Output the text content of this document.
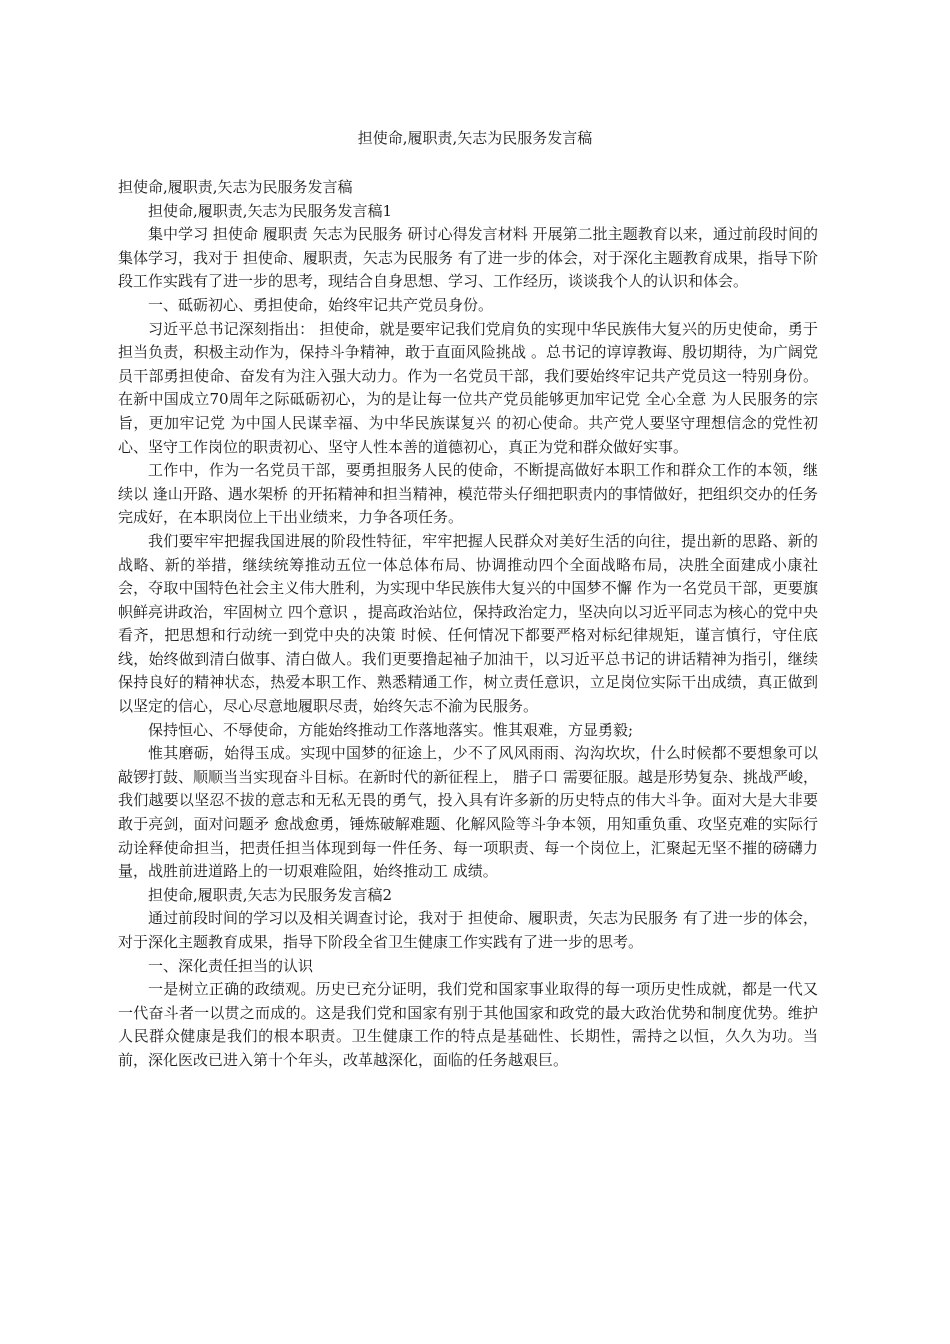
担使命,履职责,矢志为民服务发言稿

担使命,履职责,矢志为民服务发言稿

担使命,履职责,矢志为民服务发言稿1

集中学习 担使命 履职责 矢志为民服务 研讨心得发言材料 开展第二批主题教育以来，通过前段时间的集体学习，我对于 担使命、履职责，矢志为民服务 有了进一步的体会，对于深化主题教育成果，指导下阶段工作实践有了进一步的思考，现结合自身思想、学习、工作经历，谈谈我个人的认识和体会。

一、砥砺初心、勇担使命，始终牢记共产党员身份。

习近平总书记深刻指出： 担使命，就是要牢记我们党肩负的实现中华民族伟大复兴的历史使命，勇于担当负责，积极主动作为，保持斗争精神，敢于直面风险挑战 。总书记的谆谆教诲、殷切期待，为广阔党员干部勇担使命、奋发有为注入强大动力。作为一名党员干部，我们要始终牢记共产党员这一特别身份。在新中国成立70周年之际砥砺初心，为的是让每一位共产党员能够更加牢记党 全心全意 为人民服务的宗旨，更加牢记党 为中国人民谋幸福、为中华民族谋复兴 的初心使命。共产党人要坚守理想信念的党性初心、坚守工作岗位的职责初心、坚守人性本善的道德初心，真正为党和群众做好实事。

工作中，作为一名党员干部，要勇担服务人民的使命，不断提高做好本职工作和群众工作的本领，继续以 逢山开路、遇水架桥 的开拓精神和担当精神，模范带头仔细把职责内的事情做好，把组织交办的任务完成好，在本职岗位上干出业绩来，力争各项任务。

我们要牢牢把握我国进展的阶段性特征，牢牢把握人民群众对美好生活的向往，提出新的思路、新的战略、新的举措，继续统筹推动五位一体总体布局、协调推动四个全面战略布局，决胜全面建成小康社会，夺取中国特色社会主义伟大胜利，为实现中华民族伟大复兴的中国梦不懈 作为一名党员干部，更要旗帜鲜亮讲政治，牢固树立 四个意识 ，提高政治站位，保持政治定力，坚决向以习近平同志为核心的党中央看齐，把思想和行动统一到党中央的决策 时候、任何情况下都要严格对标纪律规矩，谨言慎行，守住底线，始终做到清白做事、清白做人。我们更要撸起袖子加油干，以习近平总书记的讲话精神为指引，继续保持良好的精神状态，热爱本职工作、熟悉精通工作，树立责任意识，立足岗位实际干出成绩，真正做到以坚定的信心，尽心尽意地履职尽责，始终矢志不渝为民服务。

保持恒心、不辱使命，方能始终推动工作落地落实。惟其艰难，方显勇毅;

惟其磨砺，始得玉成。实现中国梦的征途上，少不了风风雨雨、沟沟坎坎，什么时候都不要想象可以敲锣打鼓、顺顺当当实现奋斗目标。在新时代的新征程上， 腊子口 需要征服。越是形势复杂、挑战严峻，我们越要以坚忍不拔的意志和无私无畏的勇气，投入具有许多新的历史特点的伟大斗争。面对大是大非要敢于亮剑，面对问题矛 愈战愈勇，锤炼破解难题、化解风险等斗争本领，用知重负重、攻坚克难的实际行动诠释使命担当，把责任担当体现到每一件任务、每一项职责、每一个岗位上，汇聚起无坚不摧的磅礴力量，战胜前进道路上的一切艰难险阻，始终推动工 成绩。

担使命,履职责,矢志为民服务发言稿2

通过前段时间的学习以及相关调查讨论，我对于 担使命、履职责，矢志为民服务 有了进一步的体会，对于深化主题教育成果，指导下阶段全省卫生健康工作实践有了进一步的思考。

一、深化责任担当的认识

一是树立正确的政绩观。历史已充分证明，我们党和国家事业取得的每一项历史性成就，都是一代又一代奋斗者一以贯之而成的。这是我们党和国家有别于其他国家和政党的最大政治优势和制度优势。维护人民群众健康是我们的根本职责。卫生健康工作的特点是基础性、长期性，需持之以恒，久久为功。当前，深化医改已进入第十个年头，改革越深化，面临的任务越艰巨。
